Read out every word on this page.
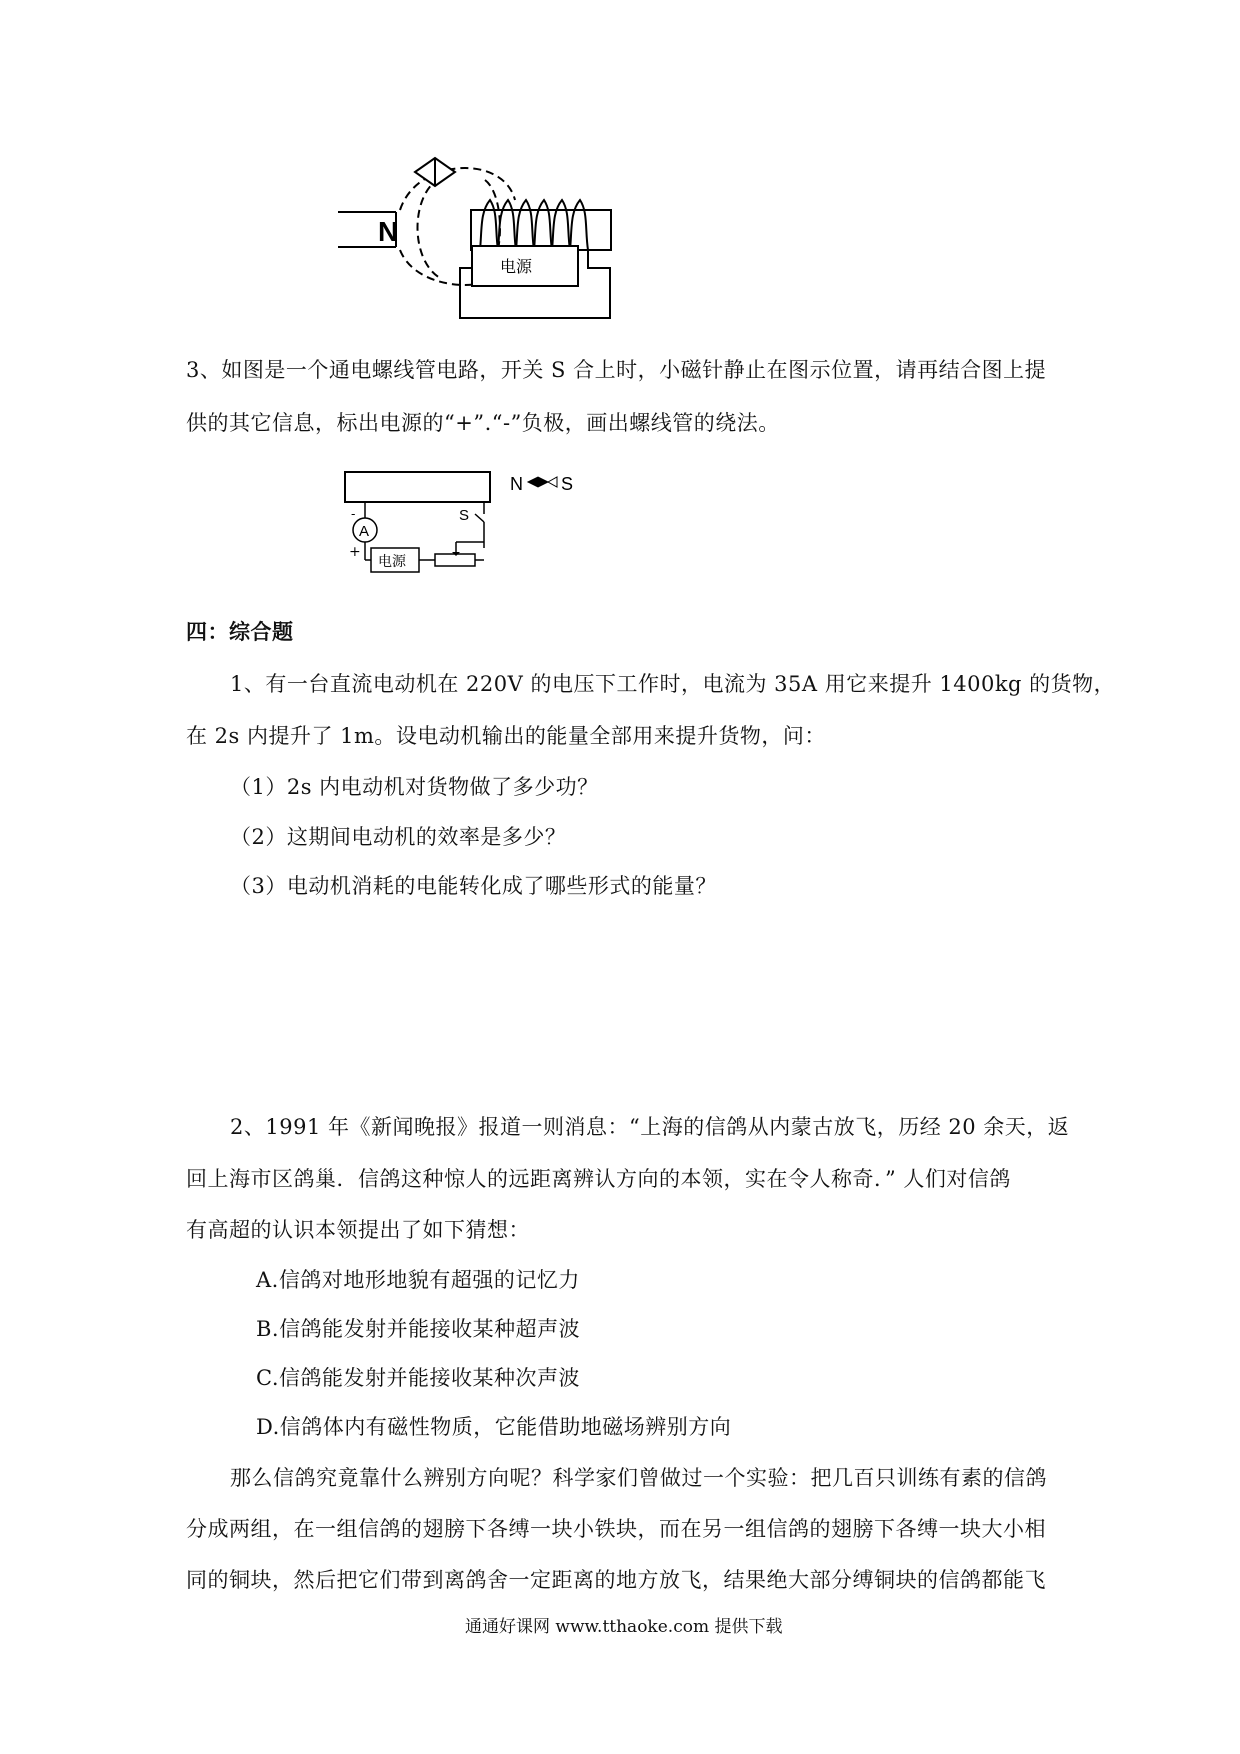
N
电源
3、如图是一个通电螺线管电路，开关 S 合上时，小磁针静止在图示位置，请再结合图上提
供的其它信息，标出电源的“+”.“-”负极，画出螺线管的绕法。
N S
A
-
+
S
电源
四：综合题
1、有一台直流电动机在 220V 的电压下工作时，电流为 35A 用它来提升 1400kg 的货物，
在 2s 内提升了 1m。设电动机输出的能量全部用来提升货物，问：
（1）2s 内电动机对货物做了多少功？
（2）这期间电动机的效率是多少？
（3）电动机消耗的电能转化成了哪些形式的能量？
2、1991 年《新闻晚报》报道一则消息：“上海的信鸽从内蒙古放飞，历经 20 余天，返
回上海市区鸽巢．信鸽这种惊人的远距离辨认方向的本领，实在令人称奇．” 人们对信鸽
有高超的认识本领提出了如下猜想：
A.信鸽对地形地貌有超强的记忆力
B.信鸽能发射并能接收某种超声波
C.信鸽能发射并能接收某种次声波
D.信鸽体内有磁性物质，它能借助地磁场辨别方向
那么信鸽究竟靠什么辨别方向呢？科学家们曾做过一个实验：把几百只训练有素的信鸽
分成两组，在一组信鸽的翅膀下各缚一块小铁块，而在另一组信鸽的翅膀下各缚一块大小相
同的铜块，然后把它们带到离鸽舍一定距离的地方放飞，结果绝大部分缚铜块的信鸽都能飞
通通好课网 www.tthaoke.com 提供下载
